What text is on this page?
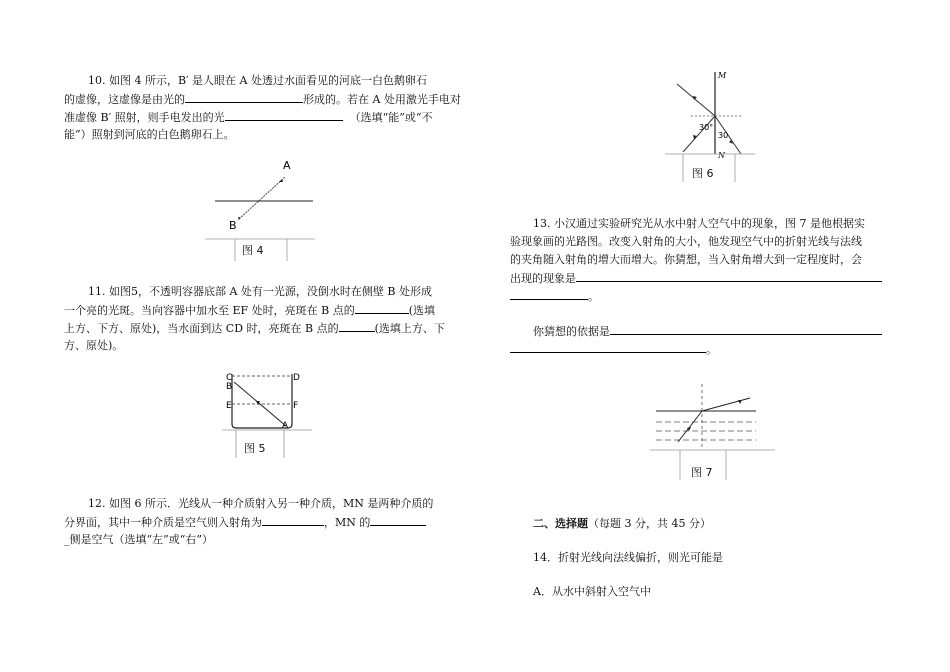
10. 如图 4 所示，B′ 是人眼在 A 处透过水面看见的河底一白色鹅卵石
的虚像，这虚像是由光的	形成的。若在 A 处用激光手电对
准虚像 B′ 照射，则手电发出的光	（选填“能”或“不
能”）照射到河底的白色鹅卵石上。
A
B °
图 4
11. 如图5，不透明容器底部 A 处有一光源，没倒水时在侧壁 B 处形成
一个亮的光斑。当向容器中加水至 EF 处时，亮斑在 B 点的	(选填
上方、下方、原处)，当水面到达 CD 时，亮斑在 B 点的	(选填上方、下
方、原处)。
C
B
D
E	F
A
图 5
12. 如图 6 所示．光线从一种介质射入另一种介质，MN 是两种介质的
分界面，其中一种介质是空气则入射角为	，MN 的
_侧是空气（选填“左”或“右”）
M
N
30°
30
图 6
13. 小汉通过实验研究光从水中射人空气中的现象，图 7 是他根据实
验现象画的光路图。改变入射角的大小，他发现空气中的折射光线与法线
的夹角随入射角的增大而增大。你猜想，当入射角增大到一定程度时，会
出现的现象是
。
你猜想的依据是
。
图 7
二、选择题（每题 3 分，共 45 分）
14．折射光线向法线偏折，则光可能是
A．从水中斜射入空气中
